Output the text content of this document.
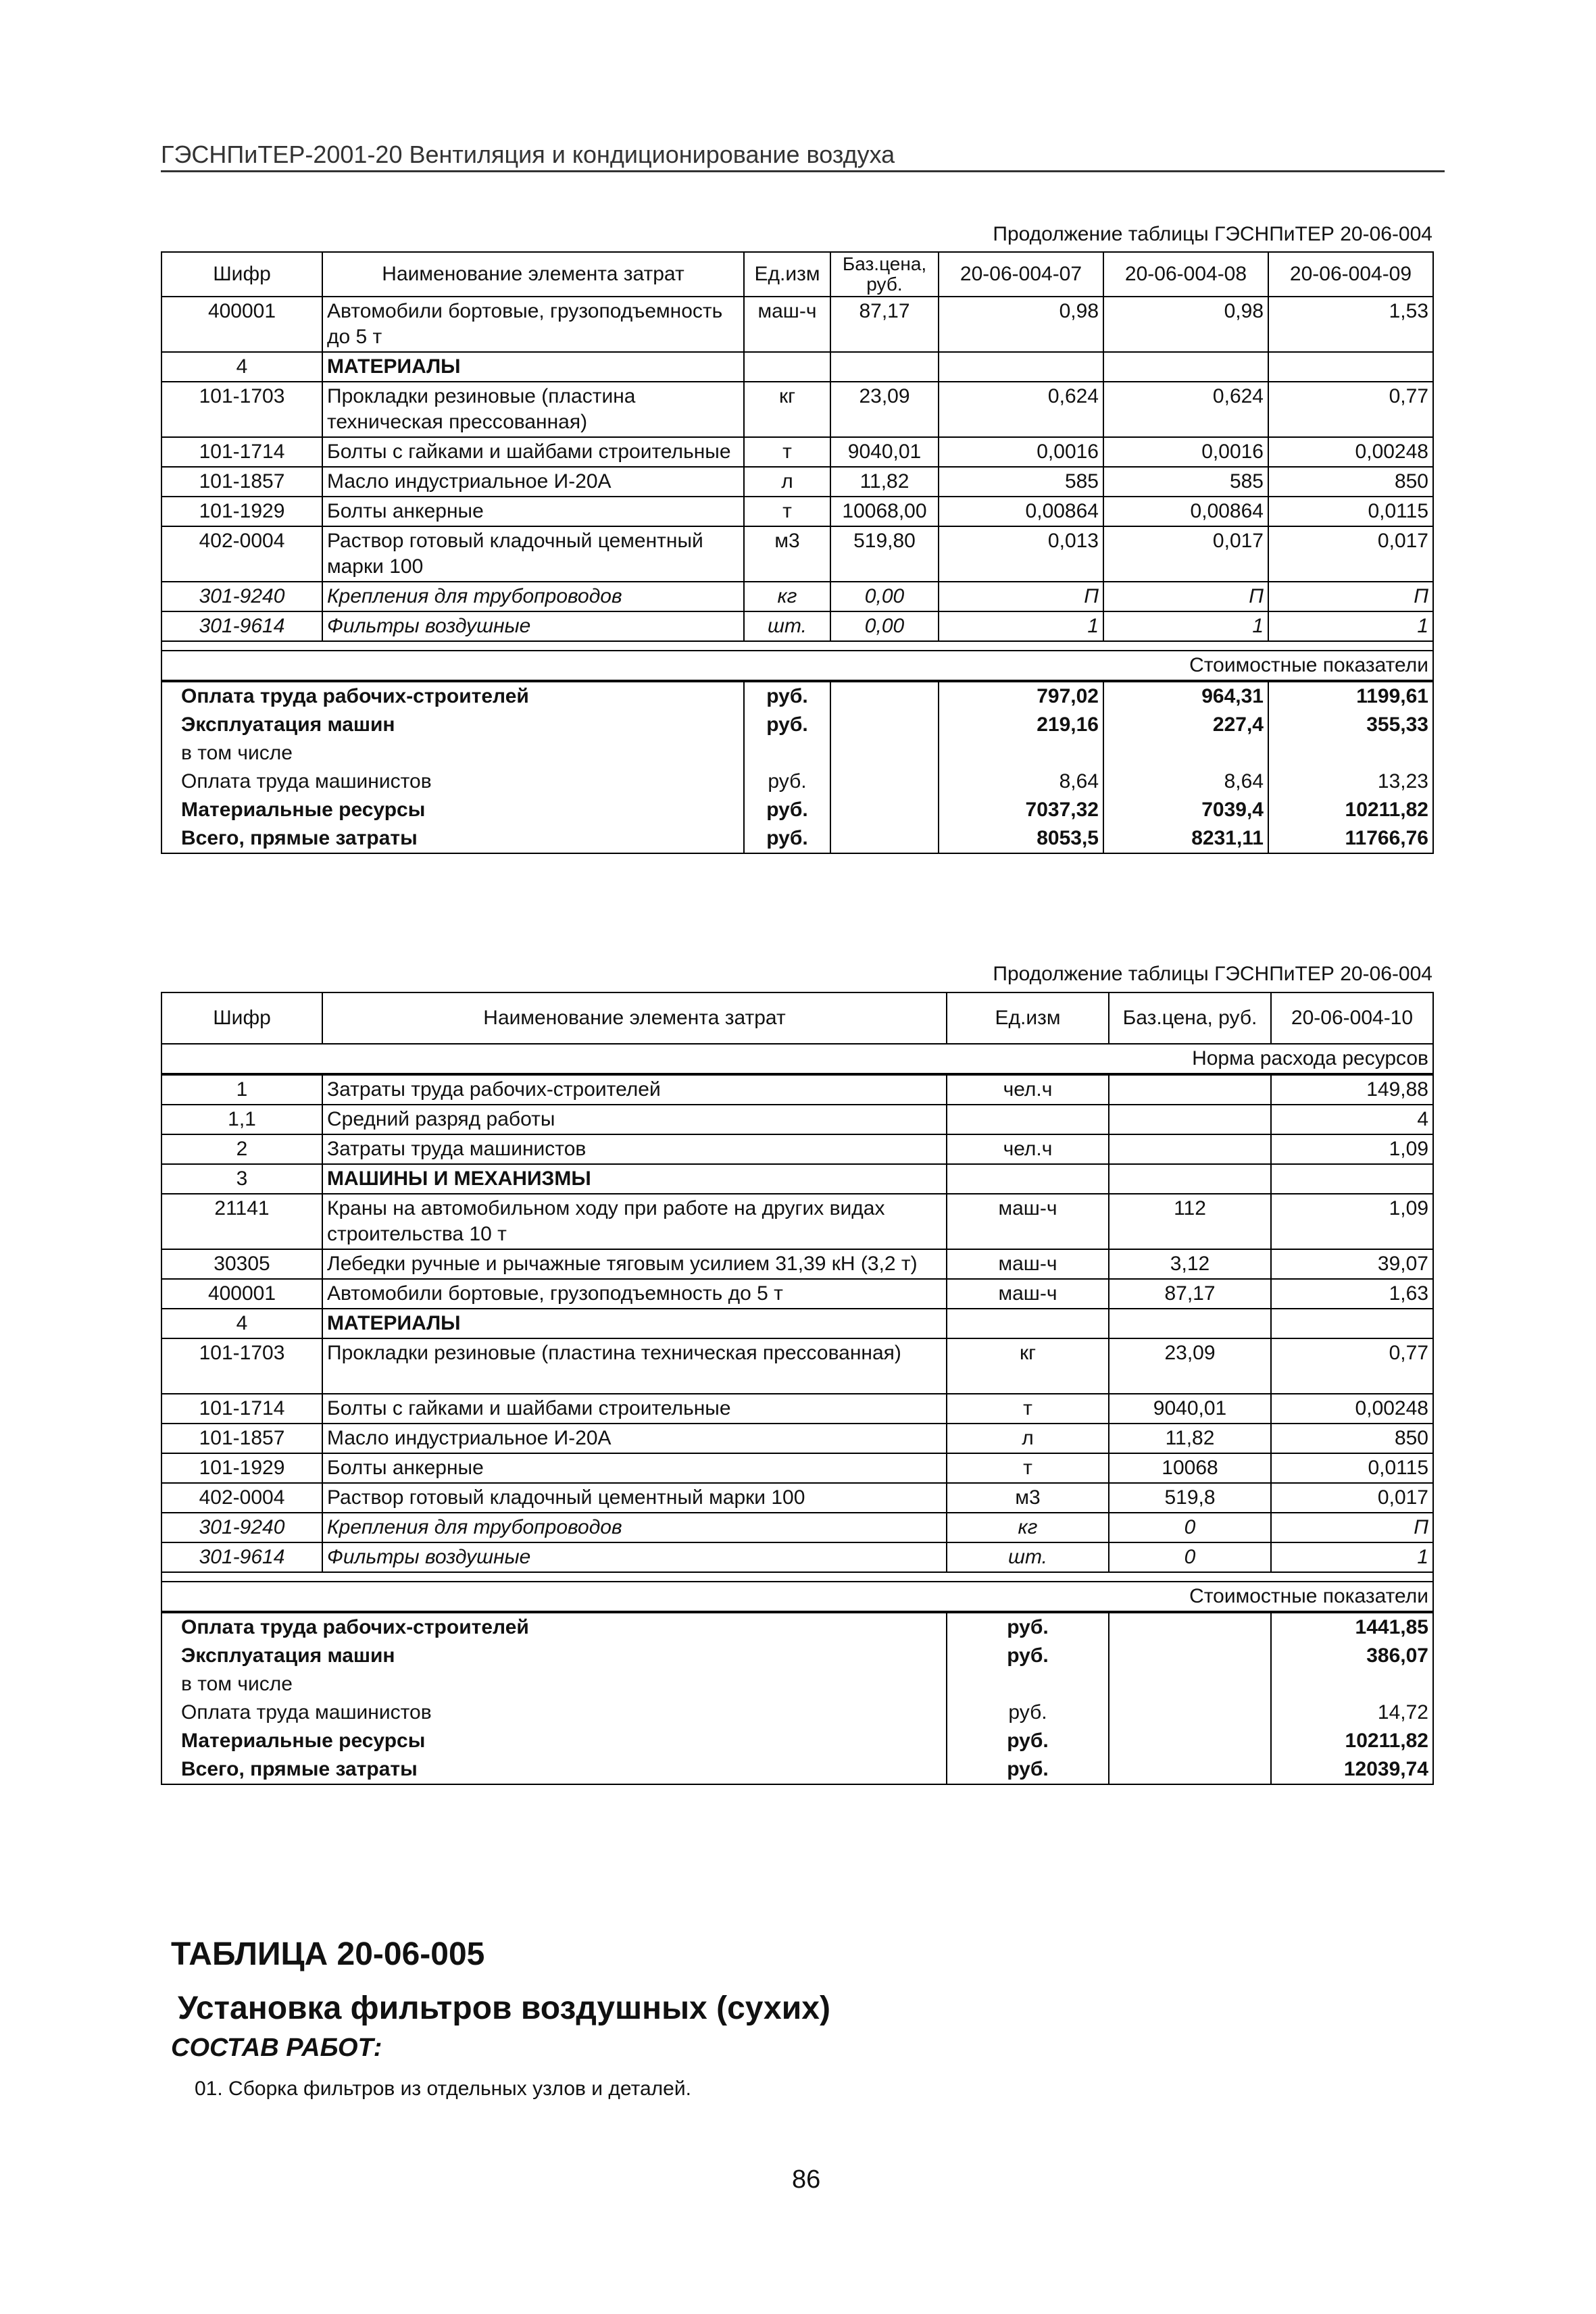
ГЭСНПиТЕР-2001-20 Вентиляция и кондиционирование воздуха
Продолжение таблицы ГЭСНПиТЕР 20-06-004
Шифр	Наименование элемента затрат	Ед.изм	Баз.цена, руб.	20-06-004-07	20-06-004-08	20-06-004-09
400001	Автомобили бортовые, грузоподъемность до 5 т	маш-ч	87,17	0,98	0,98	1,53
4	МАТЕРИАЛЫ					
101-1703	Прокладки резиновые (пластина техническая прессованная)	кг	23,09	0,624	0,624	0,77
101-1714	Болты с гайками и шайбами строительные	т	9040,01	0,0016	0,0016	0,00248
101-1857	Масло индустриальное И-20А	л	11,82	585	585	850
101-1929	Болты анкерные	т	10068,00	0,00864	0,00864	0,0115
402-0004	Раствор готовый кладочный цементный марки 100	м3	519,80	0,013	0,017	0,017
301-9240	Крепления для трубопроводов	кг	0,00	П	П	П
301-9614	Фильтры воздушные	шт.	0,00	1	1	1

Стоимостные показатели						
Оплата труда рабочих-строителей		руб.		797,02	964,31	1199,61
Эксплуатация машин		руб.		219,16	227,4	355,33
в том числе						
Оплата труда машинистов		руб.		8,64	8,64	13,23
Материальные ресурсы		руб.		7037,32	7039,4	10211,82
Всего, прямые затраты		руб.		8053,5	8231,11	11766,76
Продолжение таблицы ГЭСНПиТЕР 20-06-004
Шифр	Наименование элемента затрат	Ед.изм	Баз.цена, руб.	20-06-004-10
Норма расхода ресурсов				
1	Затраты труда рабочих-строителей	чел.ч		149,88
1,1	Средний разряд работы			4
2	Затраты труда машинистов	чел.ч		1,09
3	МАШИНЫ И МЕХАНИЗМЫ			
21141	Краны на автомобильном ходу при работе на других видах строительства 10 т	маш-ч	112	1,09
30305	Лебедки ручные и рычажные тяговым усилием 31,39 кН (3,2 т)	маш-ч	3,12	39,07
400001	Автомобили бортовые, грузоподъемность до 5 т	маш-ч	87,17	1,63
4	МАТЕРИАЛЫ			
101-1703	Прокладки резиновые (пластина техническая прессованная)	кг	23,09	0,77
101-1714	Болты с гайками и шайбами строительные	т	9040,01	0,00248
101-1857	Масло индустриальное И-20А	л	11,82	850
101-1929	Болты анкерные	т	10068	0,0115
402-0004	Раствор готовый кладочный цементный марки 100	м3	519,8	0,017
301-9240	Крепления для трубопроводов	кг	0	П
301-9614	Фильтры воздушные	шт.	0	1

Стоимостные показатели				
Оплата труда рабочих-строителей		руб.		1441,85
Эксплуатация машин		руб.		386,07
в том числе				
Оплата труда машинистов		руб.		14,72
Материальные ресурсы		руб.		10211,82
Всего, прямые затраты		руб.		12039,74
ТАБЛИЦА 20-06-005
Установка фильтров воздушных (сухих)
СОСТАВ РАБОТ:
01. Сборка фильтров из отдельных узлов и деталей.
86
